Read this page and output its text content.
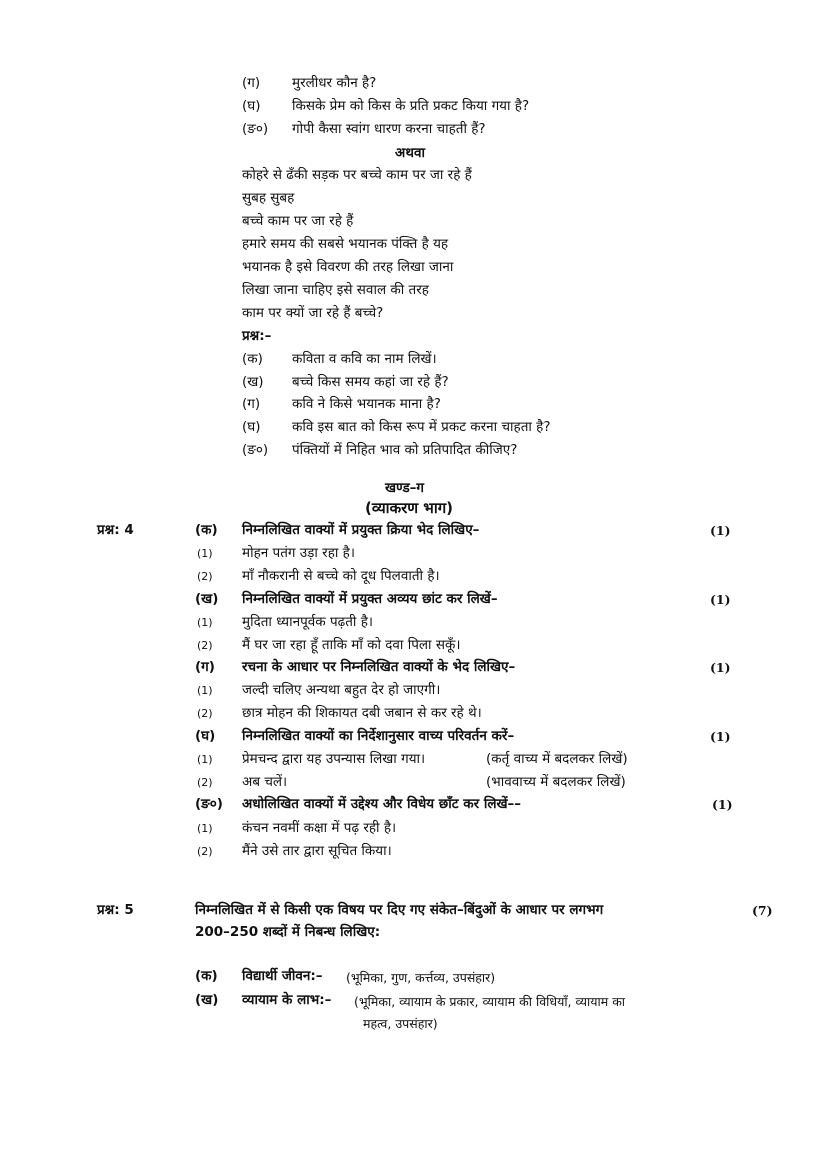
(ग) मुरलीधर कौन है?
(घ) किसके प्रेम को किस के प्रति प्रकट किया गया है?
(ङ०) गोपी कैसा स्वांग धारण करना चाहती हैं?
अथवा
कोहरे से ढँकी सड़क पर बच्चे काम पर जा रहे हैं
सुबह सुबह
बच्चे काम पर जा रहे हैं
हमारे समय की सबसे भयानक पंक्ति है यह
भयानक है इसे विवरण की तरह लिखा जाना
लिखा जाना चाहिए इसे सवाल की तरह
काम पर क्यों जा रहे हैं बच्चे?
प्रश्न:–
(क) कविता व कवि का नाम लिखें।
(ख) बच्चे किस समय कहां जा रहे हैं?
(ग) कवि ने किसे भयानक माना है?
(घ) कवि इस बात को किस रूप में प्रकट करना चाहता है?
(ङ०) पंक्तियों में निहित भाव को प्रतिपादित कीजिए?
खण्ड–ग
(व्याकरण भाग)
प्रश्न: 4	(क) निम्नलिखित वाक्यों में प्रयुक्त क्रिया भेद लिखिए–	(1)
(1) मोहन पतंग उड़ा रहा है।
(2) माँ नौकरानी से बच्चे को दूध पिलवाती है।
(ख) निम्नलिखित वाक्यों में प्रयुक्त अव्यय छांट कर लिखें–	(1)
(1) मुदिता ध्यानपूर्वक पढ़ती है।
(2) मैं घर जा रहा हूँ ताकि माँ को दवा पिला सकूँ।
(ग) रचना के आधार पर निम्नलिखित वाक्यों के भेद लिखिए–	(1)
(1) जल्दी चलिए अन्यथा बहुत देर हो जाएगी।
(2) छात्र मोहन की शिकायत दबी जबान से कर रहे थे।
(घ) निम्नलिखित वाक्यों का निर्देशानुसार वाच्य परिवर्तन करें–	(1)
(1) प्रेमचन्द द्वारा यह उपन्यास लिखा गया।	(कर्तृ वाच्य में बदलकर लिखें)
(2) अब चलें।	(भाववाच्य में बदलकर लिखें)
(ङ०) अधोलिखित वाक्यों में उद्देश्य और विधेय छाँट कर लिखें––	(1)
(1) कंचन नवमीं कक्षा में पढ़ रही है।
(2) मैंने उसे तार द्वारा सूचित किया।
प्रश्न: 5	निम्नलिखित में से किसी एक विषय पर दिए गए संकेत–बिंदुओं के आधार पर लगभग	(7)
200–250 शब्दों में निबन्ध लिखिए:
(क) विद्यार्थी जीवन:– (भूमिका, गुण, कर्त्तव्य, उपसंहार)
(ख) व्यायाम के लाभ:– (भूमिका, व्यायाम के प्रकार, व्यायाम की विधियाँ, व्यायाम का
महत्व, उपसंहार)
